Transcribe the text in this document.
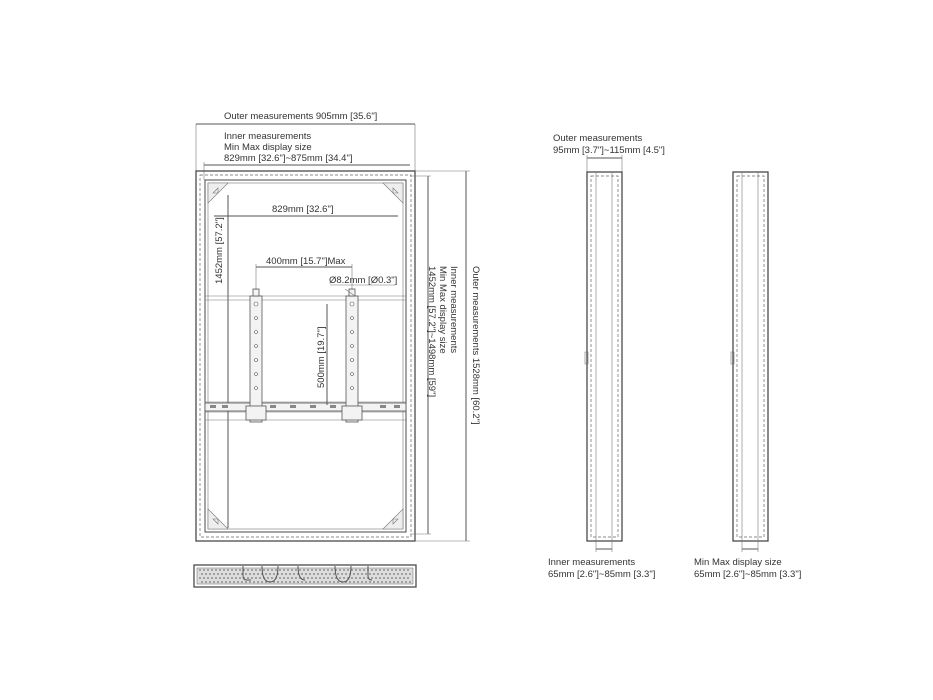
Outer measurements 905mm [35.6"]
Inner measurements
Min Max display size
829mm [32.6"]~875mm [34.4"]
829mm [32.6"]
1452mm [57.2"]	400mm [15.7"]Max
Ø8.2mm [Ø0.3"]
500mm [19.7"]
Inner measurements
Min Max display size
1452mm [57.2"]~1498mm [59"]	Outer measurements 1528mm [60.2"]
Outer measurements
95mm [3.7"]~115mm [4.5"]
Inner measurements
65mm [2.6"]~85mm [3.3"]
Min Max display size
65mm [2.6"]~85mm [3.3"]
